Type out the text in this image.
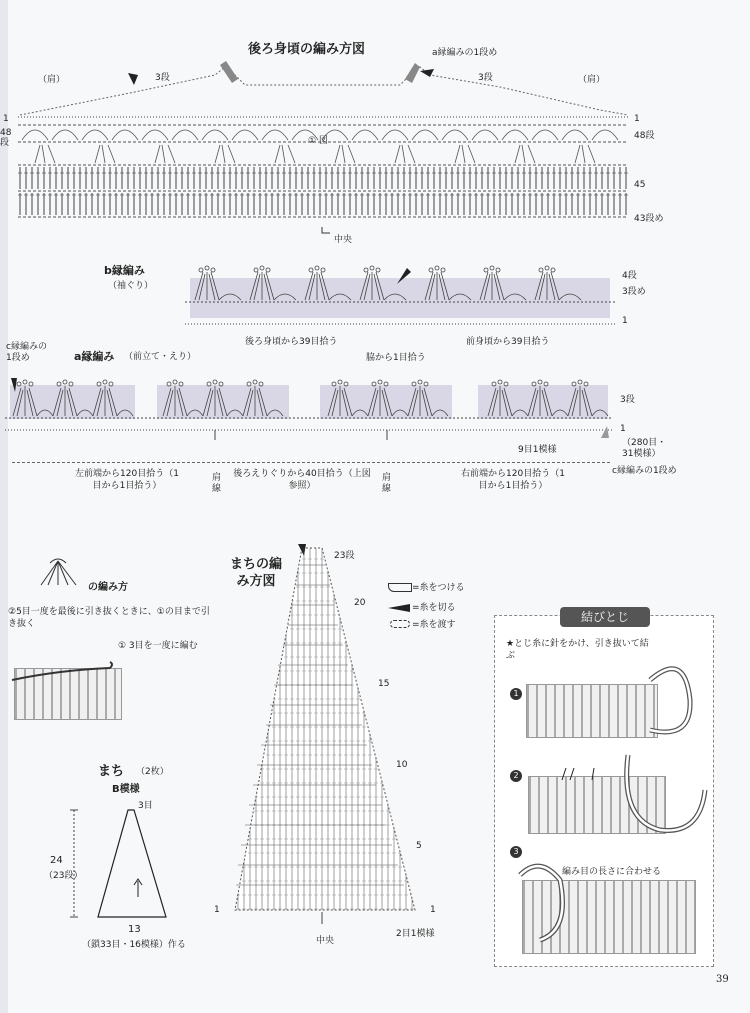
後ろ身頃の編み方図	a縁編みの1段め
（肩）	（肩）
3段	3段
1
48段
1
48段
45
43段め
① 図
中央
b縁編み
（袖ぐり）
4段
3段め
1
後ろ身頃から39目拾う	前身頃から39目拾う
脇から1目拾う
c縁編みの1段め	a縁編み （前立て・えり）
3段
1
9目1模様
（280目・31模様）
c縁編みの1段め
左前端から120目拾う（1目から1目拾う）
後ろえりぐりから40目拾う（上図参照）
右前端から120目拾う（1目から1目拾う）
肩線
肩線
の編み方
②5目一度を最後に引き抜くときに、①の目まで引き抜く
① 3目を一度に編む
まち （2枚）
B模様
3目
24
（23段）
13
（鎖33目・16模様）作る
まちの編み方図
23段
20
15
10
5
1	1
中央
2目1模様
=糸をつける
=糸を切る
=糸を渡す
結びとじ
★とじ糸に針をかけ、引き抜いて結ぶ
1
2
3
編み目の長さに合わせる
39
